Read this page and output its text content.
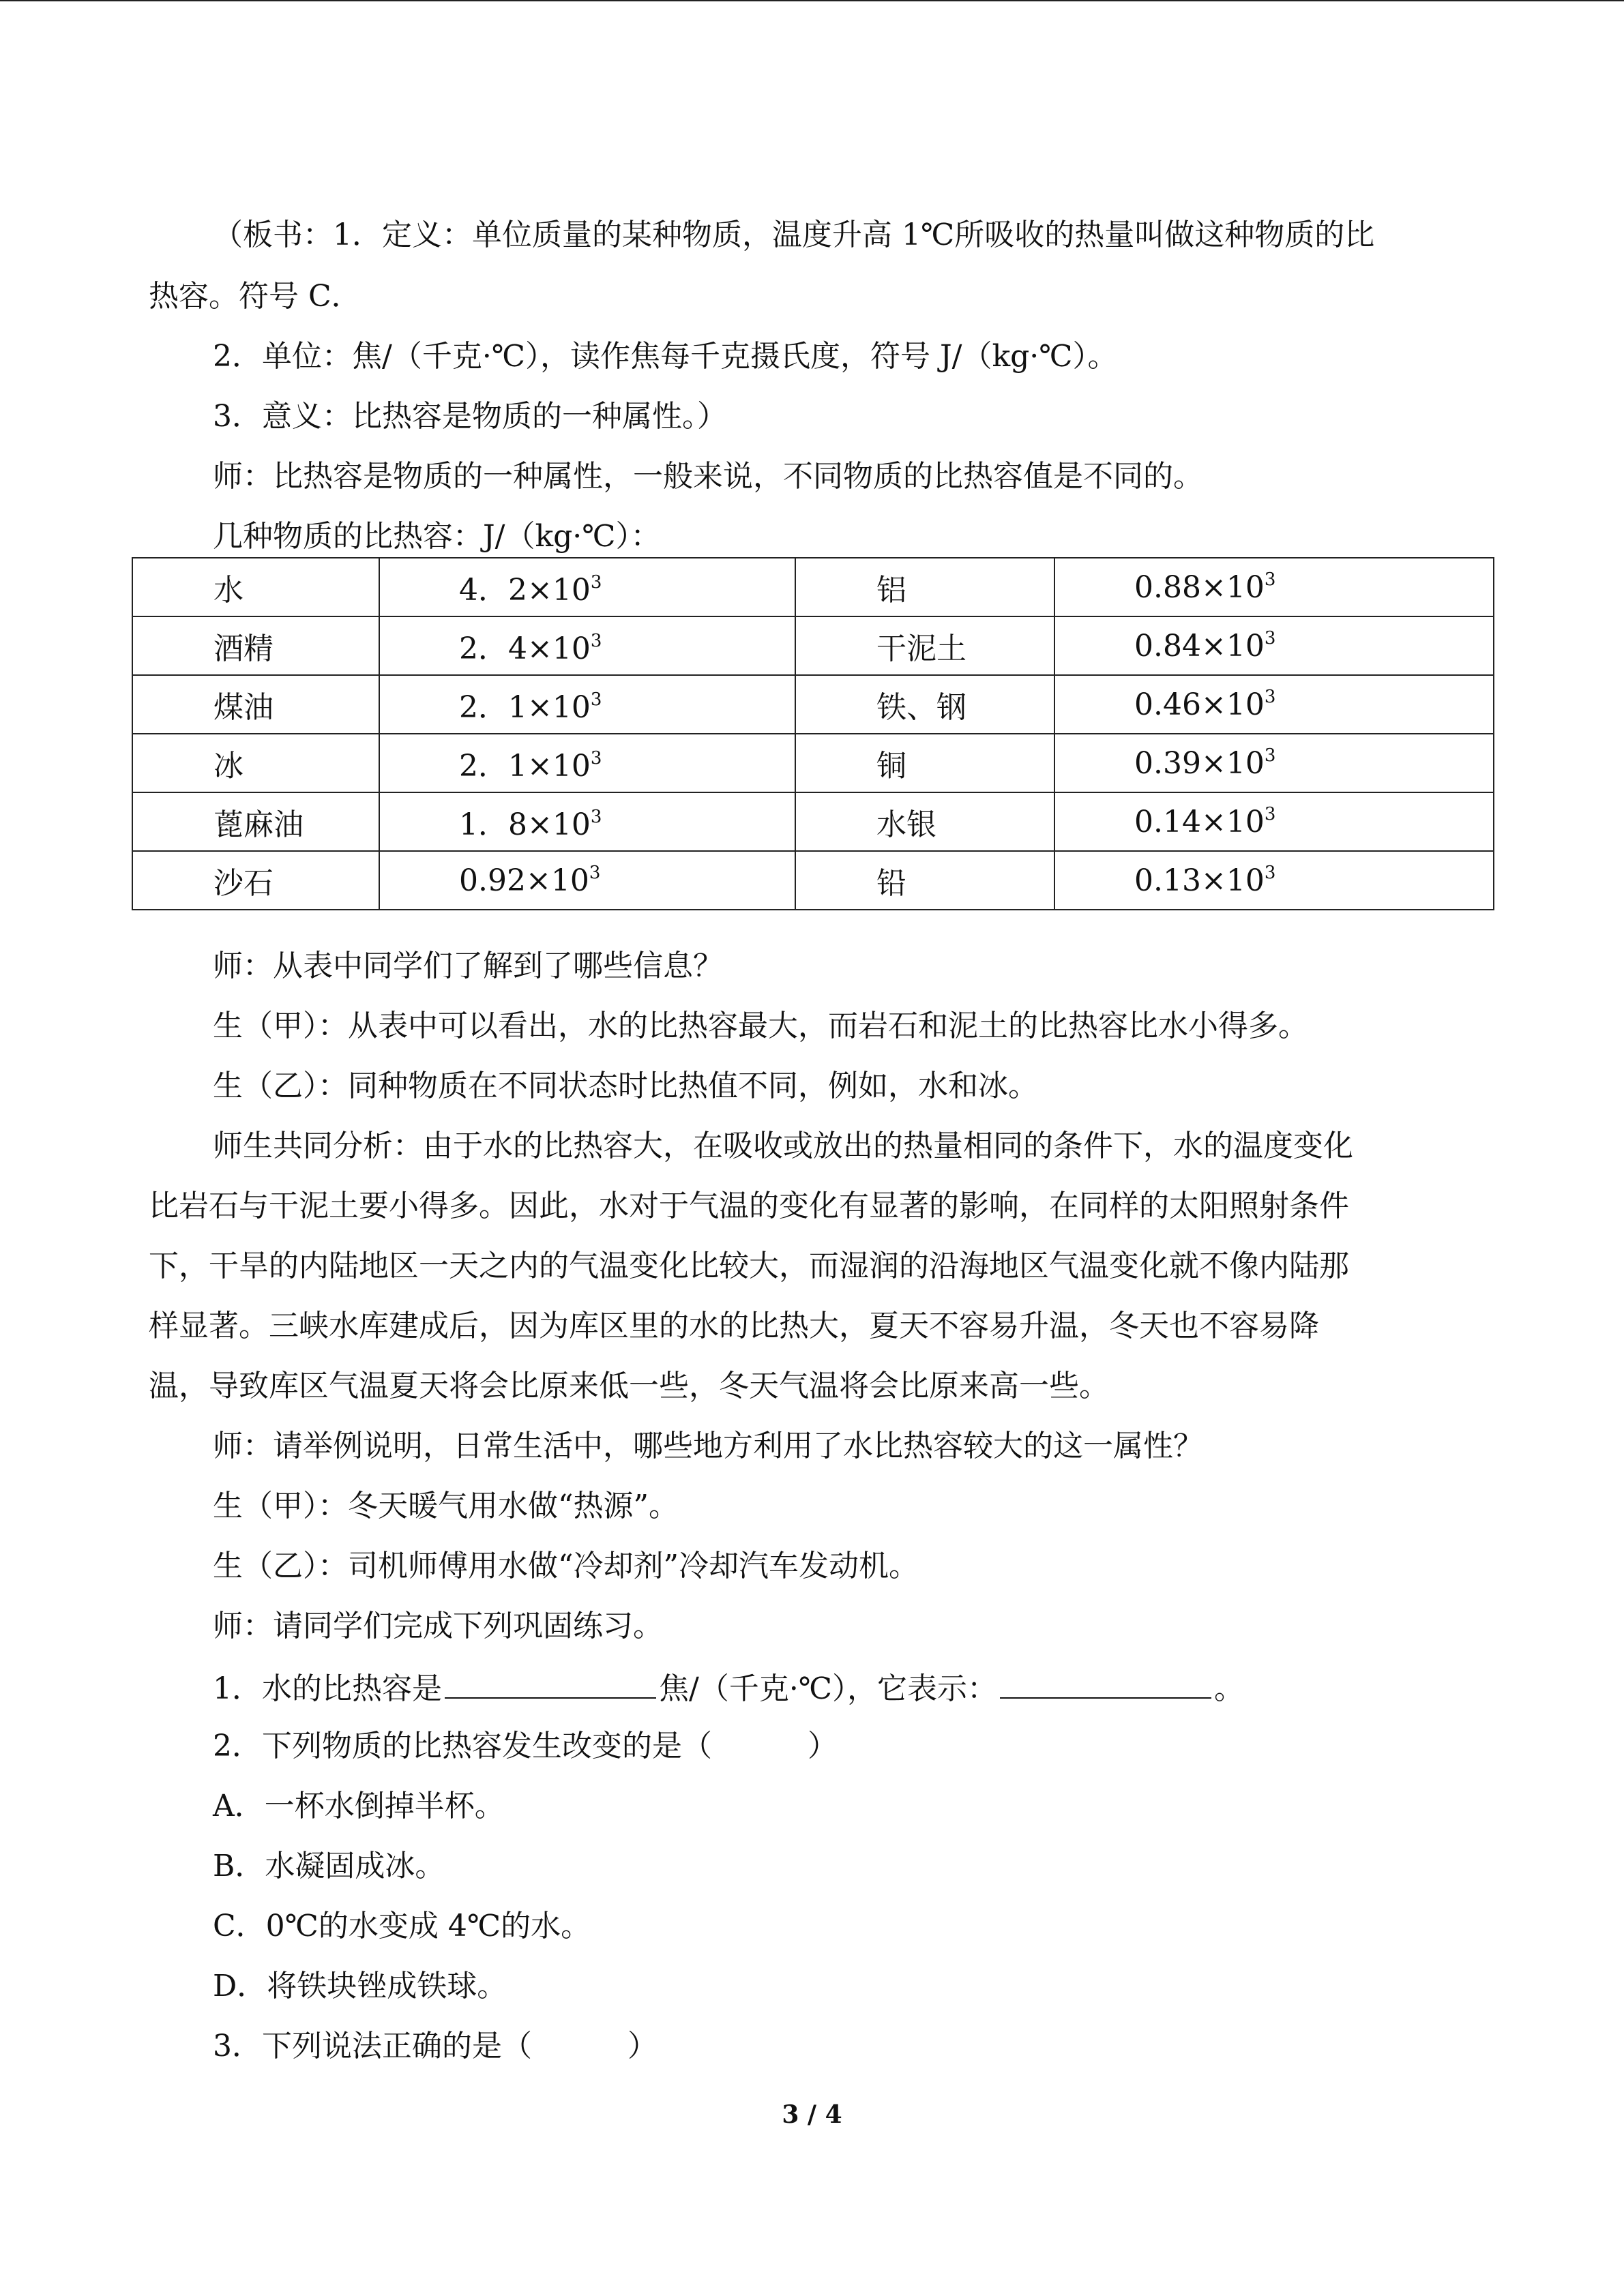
（板书：1．定义：单位质量的某种物质，温度升高 1℃所吸收的热量叫做这种物质的比
热容。符号 C．
2．单位：焦/（千克·℃），读作焦每千克摄氏度，符号 J/（kg·℃）。
3．意义：比热容是物质的一种属性。）
师：比热容是物质的一种属性，一般来说，不同物质的比热容值是不同的。
几种物质的比热容：J/（kg·℃）：
水	4．$2\times 10^3$	铝	$0.88\times 10^3$
酒精	2．$4\times 10^3$	干泥土	$0.84\times 10^3$
煤油	2．$1\times 10^3$	铁、钢	$0.46\times 10^3$
冰	2．$1\times 10^3$	铜	$0.39\times 10^3$
蓖麻油	1．$8\times 10^3$	水银	$0.14\times 10^3$
沙石	$0.92\times 10^3$	铅	$0.13\times 10^3$
师：从表中同学们了解到了哪些信息？
生（甲）：从表中可以看出，水的比热容最大，而岩石和泥土的比热容比水小得多。
生（乙）：同种物质在不同状态时比热值不同，例如，水和冰。
师生共同分析：由于水的比热容大，在吸收或放出的热量相同的条件下，水的温度变化
比岩石与干泥土要小得多。因此，水对于气温的变化有显著的影响，在同样的太阳照射条件
下，干旱的内陆地区一天之内的气温变化比较大，而湿润的沿海地区气温变化就不像内陆那
样显著。三峡水库建成后，因为库区里的水的比热大，夏天不容易升温，冬天也不容易降
温，导致库区气温夏天将会比原来低一些，冬天气温将会比原来高一些。
师：请举例说明，日常生活中，哪些地方利用了水比热容较大的这一属性？
生（甲）：冬天暖气用水做“热源”。
生（乙）：司机师傅用水做“冷却剂”冷却汽车发动机。
师：请同学们完成下列巩固练习。
1．水的比热容是	焦/（千克·℃），它表示：	。
2．下列物质的比热容发生改变的是（	）
A．一杯水倒掉半杯。
B．水凝固成冰。
C．0℃的水变成 4℃的水。
D．将铁块锉成铁球。
3．下列说法正确的是（	）
3 / 4
